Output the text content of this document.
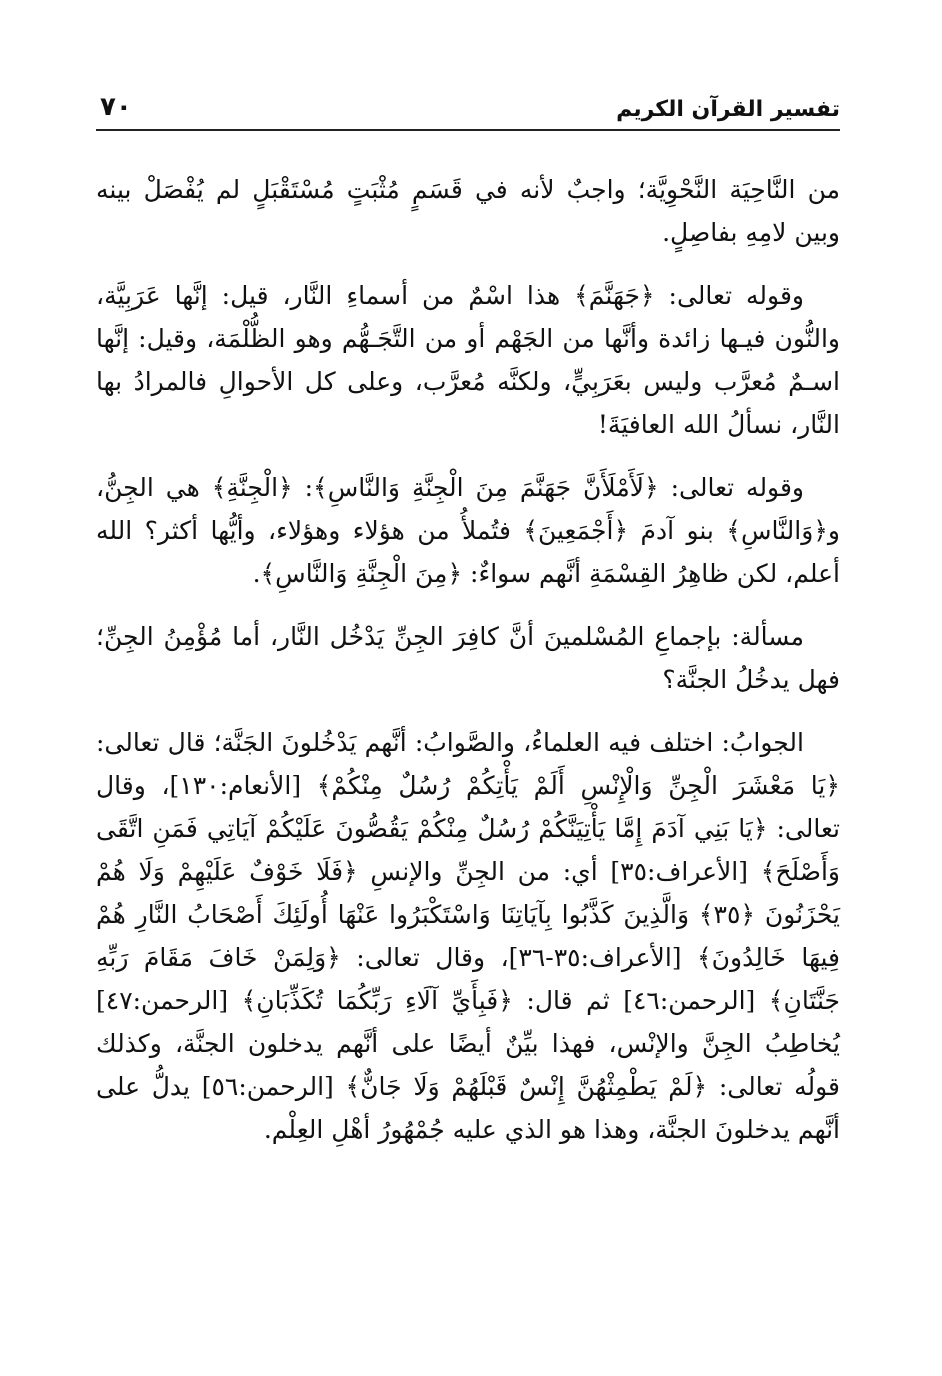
تفسير القرآن الكريم
٧٠

من النَّاحِيَة النَّحْوِيَّة؛ واجبٌ لأنه في قَسَمٍ مُثْبَتٍ مُسْتَقْبَلٍ لم يُفْصَلْ بينه وبين لامِهِ بفاصِلٍ.

وقوله تعالى: ﴿جَهَنَّمَ﴾ هذا اسْمٌ من أسماءِ النَّار، قيل: إنَّها عَرَبِيَّة، والنُّون فيـها زائدة وأنَّها من الجَهْم أو من التَّجَـهُّم وهو الظُّلْمَة، وقيل: إنَّها اسـمٌ مُعرَّب وليس بعَرَبِيٍّ، ولكنَّه مُعرَّب، وعلى كل الأحوالِ فالمرادُ بها النَّار، نسألُ الله العافيَةَ!

وقوله تعالى: ﴿لَأَمْلَأَنَّ جَهَنَّمَ مِنَ الْجِنَّةِ وَالنَّاسِ﴾: ﴿الْجِنَّةِ﴾ هي الجِنُّ، و﴿وَالنَّاسِ﴾ بنو آدمَ ﴿أَجْمَعِينَ﴾ فتُملأُ من هؤلاء وهؤلاء، وأيُّها أكثر؟ الله أعلم، لكن ظاهِرُ القِسْمَةِ أنَّهم سواءٌ: ﴿مِنَ الْجِنَّةِ وَالنَّاسِ﴾.

مسألة: بإجماعِ المُسْلمينَ أنَّ كافِرَ الجِنِّ يَدْخُل النَّار، أما مُؤْمِنُ الجِنِّ؛ فهل يدخُلُ الجنَّة؟

الجوابُ: اختلف فيه العلماءُ، والصَّوابُ: أنَّهم يَدْخُلونَ الجَنَّة؛ قال تعالى: ﴿يَا مَعْشَرَ الْجِنِّ وَالْإِنْسِ أَلَمْ يَأْتِكُمْ رُسُلٌ مِنْكُمْ﴾ [الأنعام:١٣٠]، وقال تعالى: ﴿يَا بَنِي آدَمَ إِمَّا يَأْتِيَنَّكُمْ رُسُلٌ مِنْكُمْ يَقُصُّونَ عَلَيْكُمْ آيَاتِي فَمَنِ اتَّقَى وَأَصْلَحَ﴾ [الأعراف:٣٥] أي: من الجِنِّ والإنسِ ﴿فَلَا خَوْفٌ عَلَيْهِمْ وَلَا هُمْ يَحْزَنُونَ ﴿٣٥﴾ وَالَّذِينَ كَذَّبُوا بِآيَاتِنَا وَاسْتَكْبَرُوا عَنْهَا أُولَئِكَ أَصْحَابُ النَّارِ هُمْ فِيهَا خَالِدُونَ﴾ [الأعراف:٣٥-٣٦]، وقال تعالى: ﴿وَلِمَنْ خَافَ مَقَامَ رَبِّهِ جَنَّتَانِ﴾ [الرحمن:٤٦] ثم قال: ﴿فَبِأَيِّ آلَاءِ رَبِّكُمَا تُكَذِّبَانِ﴾ [الرحمن:٤٧] يُخاطِبُ الجِنَّ والإنْس، فهذا بيِّنٌ أيضًا على أنَّهم يدخلون الجنَّة، وكذلك قولُه تعالى: ﴿لَمْ يَطْمِثْهُنَّ إِنْسٌ قَبْلَهُمْ وَلَا جَانٌّ﴾ [الرحمن:٥٦] يدلُّ على أنَّهم يدخلونَ الجنَّة، وهذا هو الذي عليه جُمْهُورُ أهْلِ العِلْم.
